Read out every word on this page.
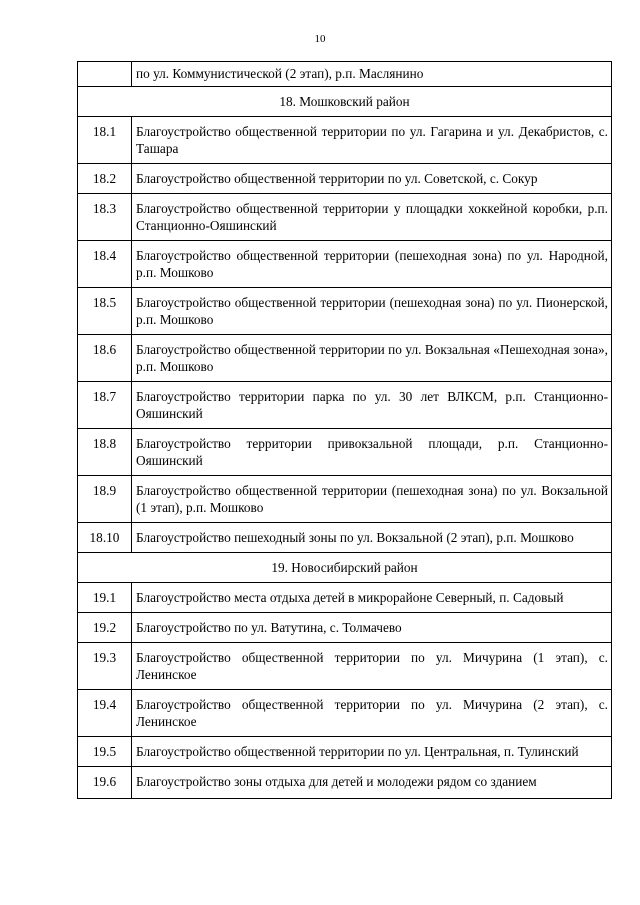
10
	по ул. Коммунистической (2 этап), р.п. Маслянино
18. Мошковский район	
18.1	Благоустройство общественной территории по ул. Гагарина и ул. Декабристов, с. Ташара
18.2	Благоустройство общественной территории по ул. Советской, с. Сокур
18.3	Благоустройство общественной территории у площадки хоккейной коробки, р.п. Станционно-Ояшинский
18.4	Благоустройство общественной территории (пешеходная зона) по ул. Народной, р.п. Мошково
18.5	Благоустройство общественной территории (пешеходная зона) по ул. Пионерской, р.п. Мошково
18.6	Благоустройство общественной территории по ул. Вокзальная «Пешеходная зона», р.п. Мошково
18.7	Благоустройство территории парка по ул. 30 лет ВЛКСМ, р.п. Станционно-Ояшинский
18.8	Благоустройство территории привокзальной площади, р.п. Станционно-Ояшинский
18.9	Благоустройство общественной территории (пешеходная зона) по ул. Вокзальной (1 этап), р.п. Мошково
18.10	Благоустройство пешеходный зоны по ул. Вокзальной (2 этап), р.п. Мошково
19. Новосибирский район	
19.1	Благоустройство места отдыха детей в микрорайоне Северный, п. Садовый
19.2	Благоустройство по ул. Ватутина, с. Толмачево
19.3	Благоустройство общественной территории по ул. Мичурина (1 этап), с. Ленинское
19.4	Благоустройство общественной территории по ул. Мичурина (2 этап), с. Ленинское
19.5	Благоустройство общественной территории по ул. Центральная, п. Тулинский
19.6	Благоустройство зоны отдыха для детей и молодежи рядом со зданием
